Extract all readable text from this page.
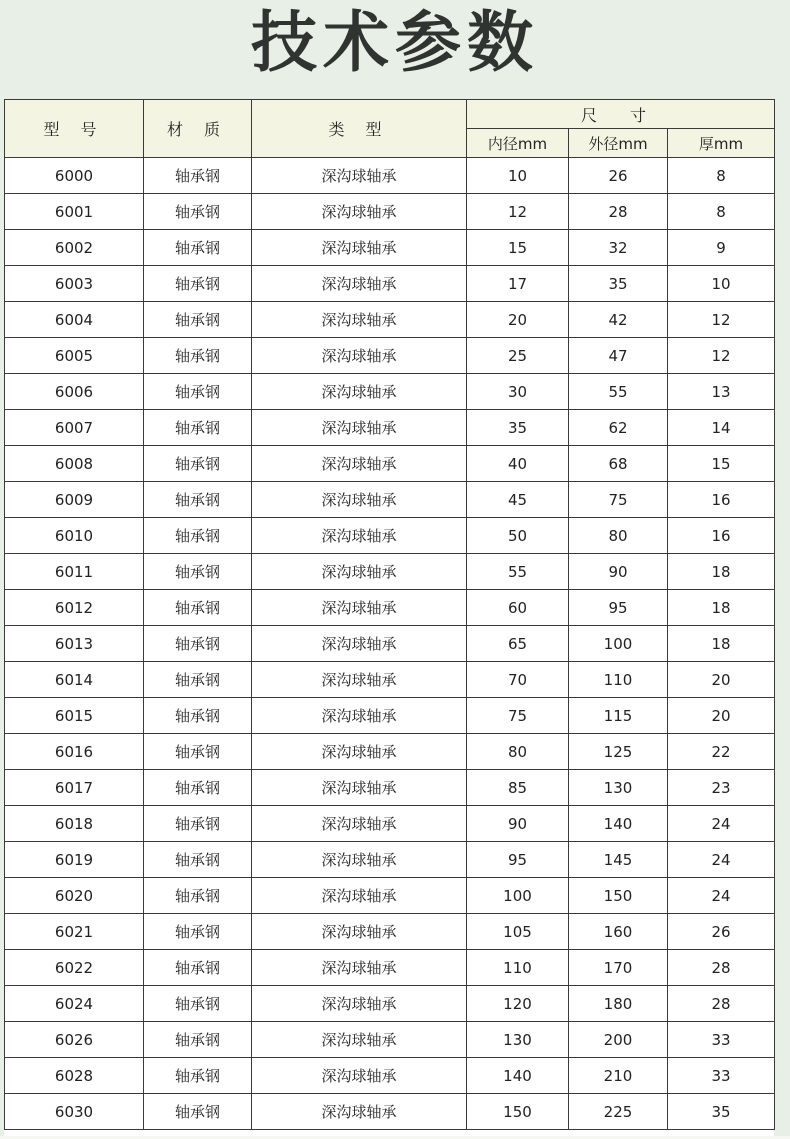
技术参数
型 号	材 质	类 型	尺 寸		
			内径mm	外径mm	厚mm
6000	轴承钢	深沟球轴承	10	26	8
6001	轴承钢	深沟球轴承	12	28	8
6002	轴承钢	深沟球轴承	15	32	9
6003	轴承钢	深沟球轴承	17	35	10
6004	轴承钢	深沟球轴承	20	42	12
6005	轴承钢	深沟球轴承	25	47	12
6006	轴承钢	深沟球轴承	30	55	13
6007	轴承钢	深沟球轴承	35	62	14
6008	轴承钢	深沟球轴承	40	68	15
6009	轴承钢	深沟球轴承	45	75	16
6010	轴承钢	深沟球轴承	50	80	16
6011	轴承钢	深沟球轴承	55	90	18
6012	轴承钢	深沟球轴承	60	95	18
6013	轴承钢	深沟球轴承	65	100	18
6014	轴承钢	深沟球轴承	70	110	20
6015	轴承钢	深沟球轴承	75	115	20
6016	轴承钢	深沟球轴承	80	125	22
6017	轴承钢	深沟球轴承	85	130	23
6018	轴承钢	深沟球轴承	90	140	24
6019	轴承钢	深沟球轴承	95	145	24
6020	轴承钢	深沟球轴承	100	150	24
6021	轴承钢	深沟球轴承	105	160	26
6022	轴承钢	深沟球轴承	110	170	28
6024	轴承钢	深沟球轴承	120	180	28
6026	轴承钢	深沟球轴承	130	200	33
6028	轴承钢	深沟球轴承	140	210	33
6030	轴承钢	深沟球轴承	150	225	35
